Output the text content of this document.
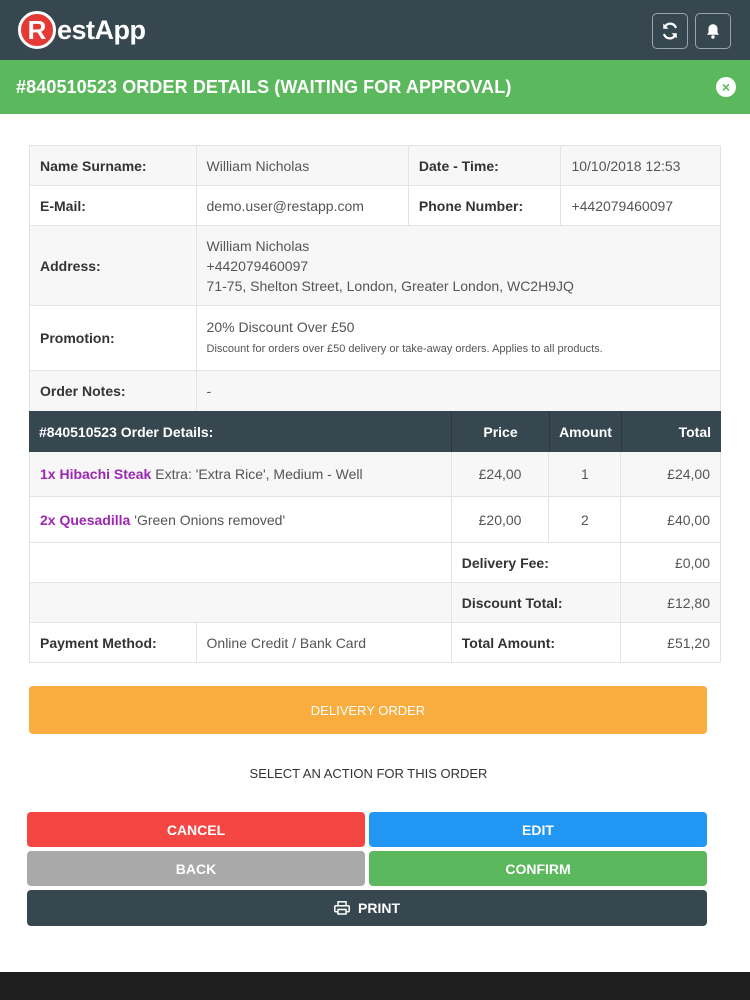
R estApp
#840510523 ORDER DETAILS (WAITING FOR APPROVAL)	×
Name Surname:	William Nicholas	Date - Time:	10/10/2018 12:53
E-Mail:	demo.user@restapp.com	Phone Number:	+442079460097
Address:
William Nicholas
+442079460097
71-75, Shelton Street, London, Greater London, WC2H9JQ
Promotion:
20% Discount Over £50
Discount for orders over £50 delivery or take-away orders. Applies to all products.
Order Notes:	-
#840510523 Order Details:	Price	Amount	Total
1x Hibachi Steak Extra: 'Extra Rice', Medium - Well	£24,00	1	£24,00
2x Quesadilla 'Green Onions removed'	£20,00	2	£40,00
Delivery Fee:	£0,00
Discount Total:	£12,80
Payment Method:	Online Credit / Bank Card	Total Amount:	£51,20
DELIVERY ORDER
SELECT AN ACTION FOR THIS ORDER
CANCEL	EDIT
BACK	CONFIRM
PRINT
